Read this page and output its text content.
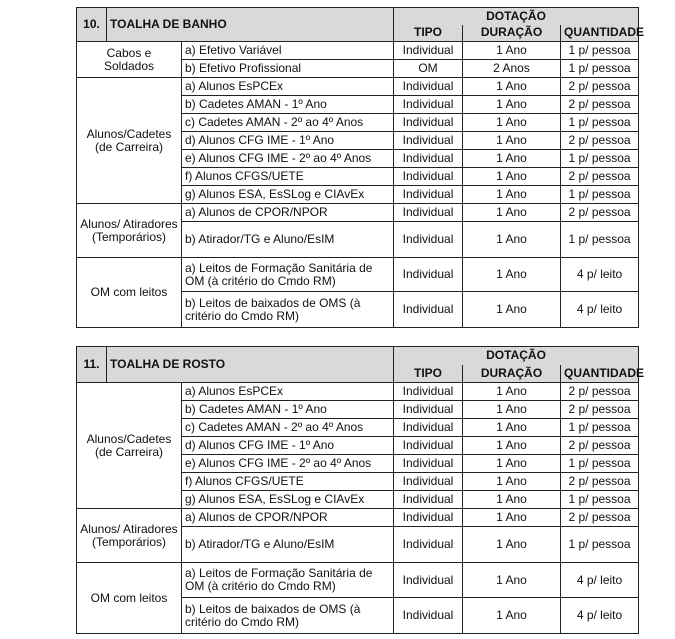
10.	TOALHA DE BANHO		DOTAÇÃO		
			TIPO	DURAÇÃO	QUANTIDADE
Cabos e Soldados		a) Efetivo Variável	Individual	1 Ano	1 p/ pessoa
		b) Efetivo Profissional	OM	2 Anos	1 p/ pessoa
Alunos/Cadetes (de Carreira)		a) Alunos EsPCEx	Individual	1 Ano	2 p/ pessoa
		b) Cadetes AMAN - 1º Ano	Individual	1 Ano	2 p/ pessoa
		c) Cadetes AMAN - 2º ao 4º Anos	Individual	1 Ano	1 p/ pessoa
		d) Alunos CFG IME - 1º Ano	Individual	1 Ano	2 p/ pessoa
		e) Alunos CFG IME - 2º ao 4º Anos	Individual	1 Ano	1 p/ pessoa
		f) Alunos CFGS/UETE	Individual	1 Ano	2 p/ pessoa
		g) Alunos ESA, EsSLog e CIAvEx	Individual	1 Ano	1 p/ pessoa
Alunos/ Atiradores (Temporários)		a) Alunos de CPOR/NPOR	Individual	1 Ano	2 p/ pessoa
		b) Atirador/TG e Aluno/EsIM	Individual	1 Ano	1 p/ pessoa
OM com leitos		a) Leitos de Formação Sanitária de OM (à critério do Cmdo RM)	Individual	1 Ano	4 p/ leito
		b) Leitos de baixados de OMS (à critério do Cmdo RM)	Individual	1 Ano	4 p/ leito
11.	TOALHA DE ROSTO		DOTAÇÃO		
			TIPO	DURAÇÃO	QUANTIDADE
Alunos/Cadetes (de Carreira)		a) Alunos EsPCEx	Individual	1 Ano	2 p/ pessoa
		b) Cadetes AMAN - 1º Ano	Individual	1 Ano	2 p/ pessoa
		c) Cadetes AMAN - 2º ao 4º Anos	Individual	1 Ano	1 p/ pessoa
		d) Alunos CFG IME - 1º Ano	Individual	1 Ano	2 p/ pessoa
		e) Alunos CFG IME - 2º ao 4º Anos	Individual	1 Ano	1 p/ pessoa
		f) Alunos CFGS/UETE	Individual	1 Ano	2 p/ pessoa
		g) Alunos ESA, EsSLog e CIAvEx	Individual	1 Ano	1 p/ pessoa
Alunos/ Atiradores (Temporários)		a) Alunos de CPOR/NPOR	Individual	1 Ano	2 p/ pessoa
		b) Atirador/TG e Aluno/EsIM	Individual	1 Ano	1 p/ pessoa
OM com leitos		a) Leitos de Formação Sanitária de OM (à critério do Cmdo RM)	Individual	1 Ano	4 p/ leito
		b) Leitos de baixados de OMS (à critério do Cmdo RM)	Individual	1 Ano	4 p/ leito
